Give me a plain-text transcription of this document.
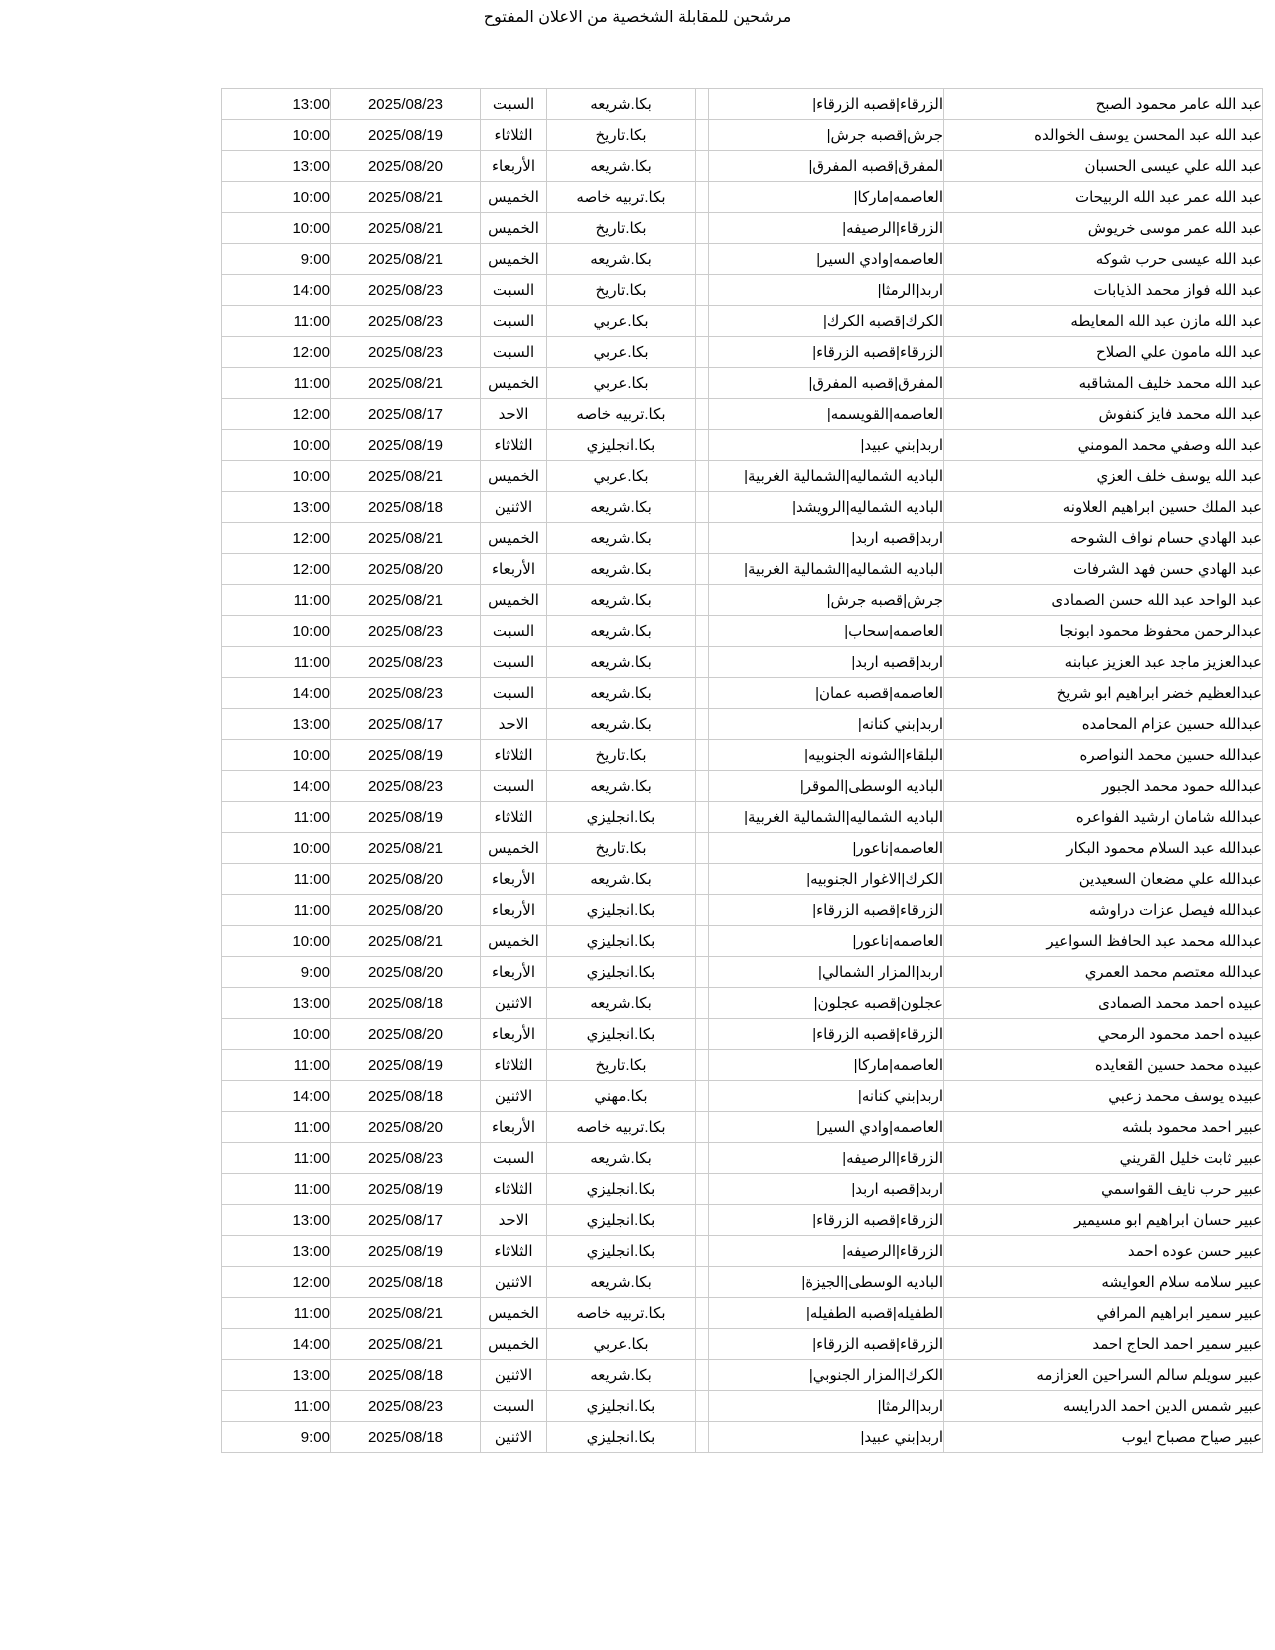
مرشحين للمقابلة الشخصية من الاعلان المفتوح
عبد الله عامر محمود الصبح	الزرقاء|قصبه الزرقاء|		بكا.شريعه	السبت	2025/08/23	13:00
عبد الله عبد المحسن يوسف الخوالده	جرش|قصبه جرش|		بكا.تاريخ	الثلاثاء	2025/08/19	10:00
عبد الله علي عيسى الحسبان	المفرق|قصبه المفرق|		بكا.شريعه	الأربعاء	2025/08/20	13:00
عبد الله عمر عبد الله الربيحات	العاصمه|ماركا|		بكا.تربيه خاصه	الخميس	2025/08/21	10:00
عبد الله عمر موسى خريوش	الزرقاء|الرصيفه|		بكا.تاريخ	الخميس	2025/08/21	10:00
عبد الله عيسى حرب شوكه	العاصمه|وادي السير|		بكا.شريعه	الخميس	2025/08/21	9:00
عبد الله فواز محمد الذيابات	اربد|الرمثا|		بكا.تاريخ	السبت	2025/08/23	14:00
عبد الله مازن عبد الله المعايطه	الكرك|قصبه الكرك|		بكا.عربي	السبت	2025/08/23	11:00
عبد الله مامون علي الصلاح	الزرقاء|قصبه الزرقاء|		بكا.عربي	السبت	2025/08/23	12:00
عبد الله محمد خليف المشاقبه	المفرق|قصبه المفرق|		بكا.عربي	الخميس	2025/08/21	11:00
عبد الله محمد فايز كنفوش	العاصمه|القويسمه|		بكا.تربيه خاصه	الاحد	2025/08/17	12:00
عبد الله وصفي محمد المومني	اربد|بني عبيد|		بكا.انجليزي	الثلاثاء	2025/08/19	10:00
عبد الله يوسف خلف العزي	الباديه الشماليه|الشمالية الغربية|		بكا.عربي	الخميس	2025/08/21	10:00
عبد الملك حسين ابراهيم العلاونه	الباديه الشماليه|الرويشد|		بكا.شريعه	الاثنين	2025/08/18	13:00
عبد الهادي حسام نواف الشوحه	اربد|قصبه اربد|		بكا.شريعه	الخميس	2025/08/21	12:00
عبد الهادي حسن فهد الشرفات	الباديه الشماليه|الشمالية الغربية|		بكا.شريعه	الأربعاء	2025/08/20	12:00
عبد الواحد عبد الله حسن الصمادى	جرش|قصبه جرش|		بكا.شريعه	الخميس	2025/08/21	11:00
عبدالرحمن محفوظ محمود ابونجا	العاصمه|سحاب|		بكا.شريعه	السبت	2025/08/23	10:00
عبدالعزيز ماجد عبد العزيز عبابنه	اربد|قصبه اربد|		بكا.شريعه	السبت	2025/08/23	11:00
عبدالعظيم خضر ابراهيم ابو شريخ	العاصمه|قصبه عمان|		بكا.شريعه	السبت	2025/08/23	14:00
عبدالله حسين عزام المحامده	اربد|بني كنانه|		بكا.شريعه	الاحد	2025/08/17	13:00
عبدالله حسين محمد النواصره	البلقاء|الشونه الجنوبيه|		بكا.تاريخ	الثلاثاء	2025/08/19	10:00
عبدالله حمود محمد الجبور	الباديه الوسطى|الموقر|		بكا.شريعه	السبت	2025/08/23	14:00
عبدالله شامان ارشيد الفواعره	الباديه الشماليه|الشمالية الغربية|		بكا.انجليزي	الثلاثاء	2025/08/19	11:00
عبدالله عبد السلام محمود البكار	العاصمه|ناعور|		بكا.تاريخ	الخميس	2025/08/21	10:00
عبدالله علي مضعان السعيدين	الكرك|الاغوار الجنوبيه|		بكا.شريعه	الأربعاء	2025/08/20	11:00
عبدالله فيصل عزات دراوشه	الزرقاء|قصبه الزرقاء|		بكا.انجليزي	الأربعاء	2025/08/20	11:00
عبدالله محمد عبد الحافظ السواعير	العاصمه|ناعور|		بكا.انجليزي	الخميس	2025/08/21	10:00
عبدالله معتصم محمد العمري	اربد|المزار الشمالي|		بكا.انجليزي	الأربعاء	2025/08/20	9:00
عبيده احمد محمد الصمادى	عجلون|قصبه عجلون|		بكا.شريعه	الاثنين	2025/08/18	13:00
عبيده احمد محمود الرمحي	الزرقاء|قصبه الزرقاء|		بكا.انجليزي	الأربعاء	2025/08/20	10:00
عبيده محمد حسين القعايده	العاصمه|ماركا|		بكا.تاريخ	الثلاثاء	2025/08/19	11:00
عبيده يوسف محمد زعبي	اربد|بني كنانه|		بكا.مهني	الاثنين	2025/08/18	14:00
عبير احمد محمود بلشه	العاصمه|وادي السير|		بكا.تربيه خاصه	الأربعاء	2025/08/20	11:00
عبير ثابت خليل القريني	الزرقاء|الرصيفه|		بكا.شريعه	السبت	2025/08/23	11:00
عبير حرب نايف القواسمي	اربد|قصبه اربد|		بكا.انجليزي	الثلاثاء	2025/08/19	11:00
عبير حسان ابراهيم ابو مسيمير	الزرقاء|قصبه الزرقاء|		بكا.انجليزي	الاحد	2025/08/17	13:00
عبير حسن عوده احمد	الزرقاء|الرصيفه|		بكا.انجليزي	الثلاثاء	2025/08/19	13:00
عبير سلامه سلام العوايشه	الباديه الوسطى|الجيزة|		بكا.شريعه	الاثنين	2025/08/18	12:00
عبير سمير ابراهيم المرافي	الطفيله|قصبه الطفيله|		بكا.تربيه خاصه	الخميس	2025/08/21	11:00
عبير سمير احمد الحاج احمد	الزرقاء|قصبه الزرقاء|		بكا.عربي	الخميس	2025/08/21	14:00
عبير سويلم سالم السراحين العزازمه	الكرك|المزار الجنوبي|		بكا.شريعه	الاثنين	2025/08/18	13:00
عبير شمس الدين احمد الدرايسه	اربد|الرمثا|		بكا.انجليزي	السبت	2025/08/23	11:00
عبير صياح مصباح ايوب	اربد|بني عبيد|		بكا.انجليزي	الاثنين	2025/08/18	9:00
